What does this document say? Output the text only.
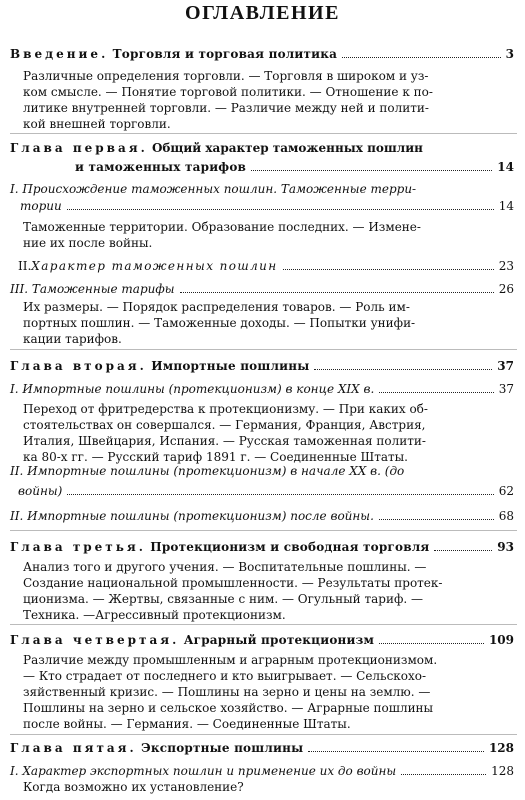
ОГЛАВЛЕНИЕ
Введение. Торговля и торговая политика	3

Различные определения торговли. — Торговля в широком и уз-

ком смысле. — Понятие торговой политики. — Отношение к по-

литике внутренней торговли. — Различие между ней и полити-

кой внешней торговли.

Глава первая. Общий характер таможенных пошлин
и таможенных тарифов	14
I. Происхождение таможенных пошлин. Таможенные терри-
тории	14

Таможенные территории. Образование последних. — Измене-

ние их после войны.

II.Характер таможенных пошлин	23
III. Таможенные тарифы	26

Их размеры. — Порядок распределения товаров. — Роль им-

портных пошлин. — Таможенные доходы. — Попытки унифи-

кации тарифов.

Глава вторая. Импортные пошлины	37
I. Импортные пошлины (протекционизм) в конце XIX в.	37

Переход от фритредерства к протекционизму. — При каких об-

стоятельствах он совершался. — Германия, Франция, Австрия,

Италия, Швейцария, Испания. — Русская таможенная полити-

ка 80-х гг. — Русский тариф 1891 г. — Соединенные Штаты.

II. Импортные пошлины (протекционизм) в начале XX в. (до
войны)	62
II. Импортные пошлины (протекционизм) после войны.	68
Глава третья. Протекционизм и свободная торговля	93

Анализ того и другого учения. — Воспитательные пошлины. —

Создание национальной промышленности. — Результаты протек-

ционизма. — Жертвы, связанные с ним. — Огульный тариф. —

Техника. —Агрессивный протекционизм.

Глава четвертая. Аграрный протекционизм	109

Различие между промышленным и аграрным протекционизмом.

— Кто страдает от последнего и кто выигрывает. — Сельскохо-

зяйственный кризис. — Пошлины на зерно и цены на землю. —

Пошлины на зерно и сельское хозяйство. — Аграрные пошлины

после войны. — Германия. — Соединенные Штаты.

Глава пятая. Экспортные пошлины	128
I. Характер экспортных пошлин и применение их до войны	128

Когда возможно их установление?
